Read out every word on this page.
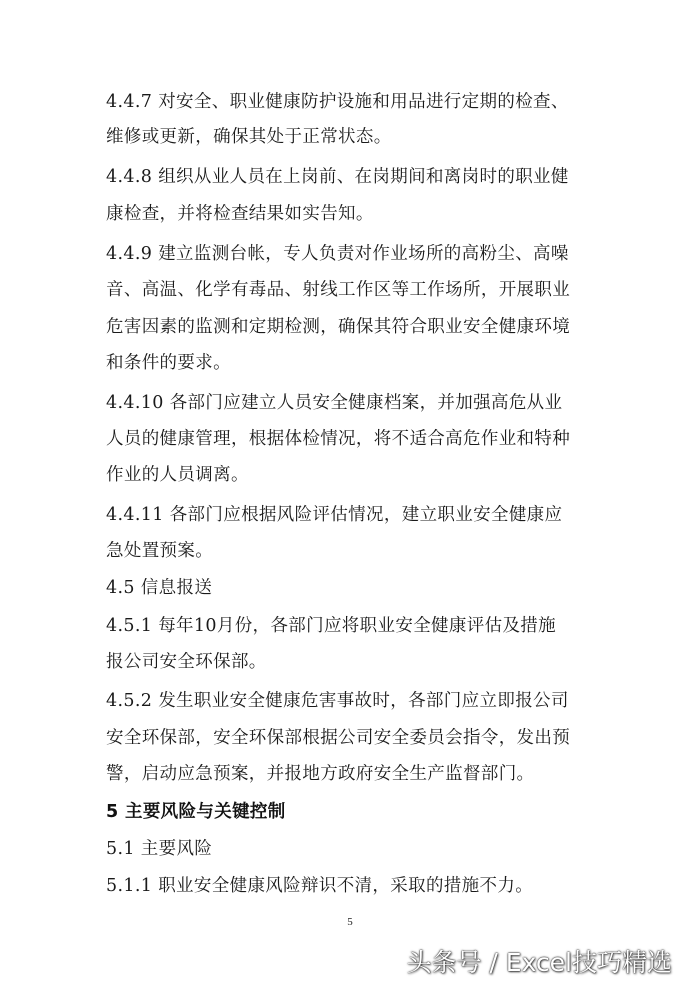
4.4.7 对安全、职业健康防护设施和用品进行定期的检查、
维修或更新，确保其处于正常状态。
4.4.8 组织从业人员在上岗前、在岗期间和离岗时的职业健
康检查，并将检查结果如实告知。
4.4.9 建立监测台帐，专人负责对作业场所的高粉尘、高噪
音、高温、化学有毒品、射线工作区等工作场所，开展职业
危害因素的监测和定期检测，确保其符合职业安全健康环境
和条件的要求。
4.4.10 各部门应建立人员安全健康档案，并加强高危从业
人员的健康管理，根据体检情况，将不适合高危作业和特种
作业的人员调离。
4.4.11 各部门应根据风险评估情况，建立职业安全健康应
急处置预案。
4.5 信息报送
4.5.1 每年10月份，各部门应将职业安全健康评估及措施
报公司安全环保部。
4.5.2 发生职业安全健康危害事故时，各部门应立即报公司
安全环保部，安全环保部根据公司安全委员会指令，发出预
警，启动应急预案，并报地方政府安全生产监督部门。
5 主要风险与关键控制
5.1 主要风险
5.1.1 职业安全健康风险辩识不清，采取的措施不力。
5
头条号 / Excel技巧精选
